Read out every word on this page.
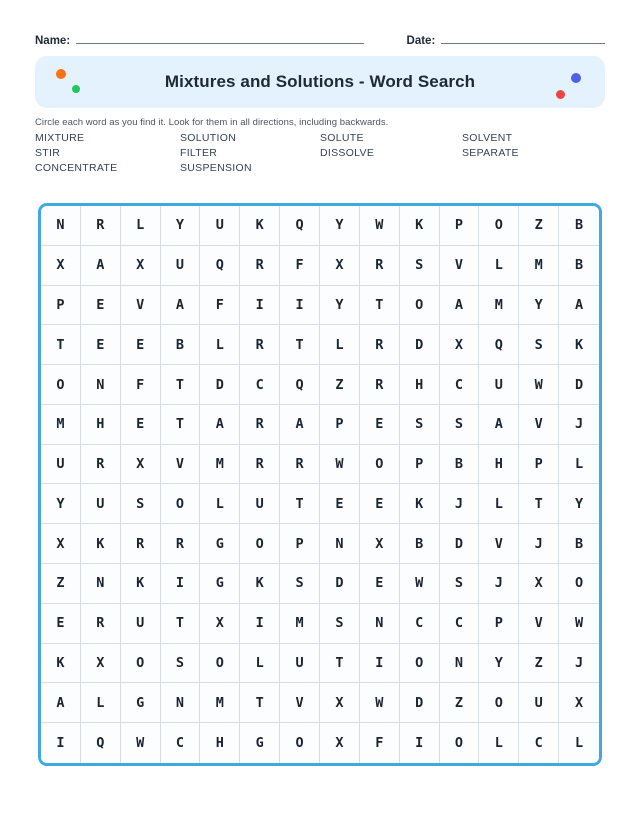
Name:	Date:
Mixtures and Solutions - Word Search
Circle each word as you find it. Look for them in all directions, including backwards.
MIXTURE	SOLUTION	SOLUTE	SOLVENT
STIR	FILTER	DISSOLVE	SEPARATE
CONCENTRATE	SUSPENSION
N	R	L	Y	U	K	Q	Y	W	K	P	O	Z	B
X	A	X	U	Q	R	F	X	R	S	V	L	M	B
P	E	V	A	F	I	I	Y	T	O	A	M	Y	A
T	E	E	B	L	R	T	L	R	D	X	Q	S	K
O	N	F	T	D	C	Q	Z	R	H	C	U	W	D
M	H	E	T	A	R	A	P	E	S	S	A	V	J
U	R	X	V	M	R	R	W	O	P	B	H	P	L
Y	U	S	O	L	U	T	E	E	K	J	L	T	Y
X	K	R	R	G	O	P	N	X	B	D	V	J	B
Z	N	K	I	G	K	S	D	E	W	S	J	X	O
E	R	U	T	X	I	M	S	N	C	C	P	V	W
K	X	O	S	O	L	U	T	I	O	N	Y	Z	J
A	L	G	N	M	T	V	X	W	D	Z	O	U	X
I	Q	W	C	H	G	O	X	F	I	O	L	C	L
